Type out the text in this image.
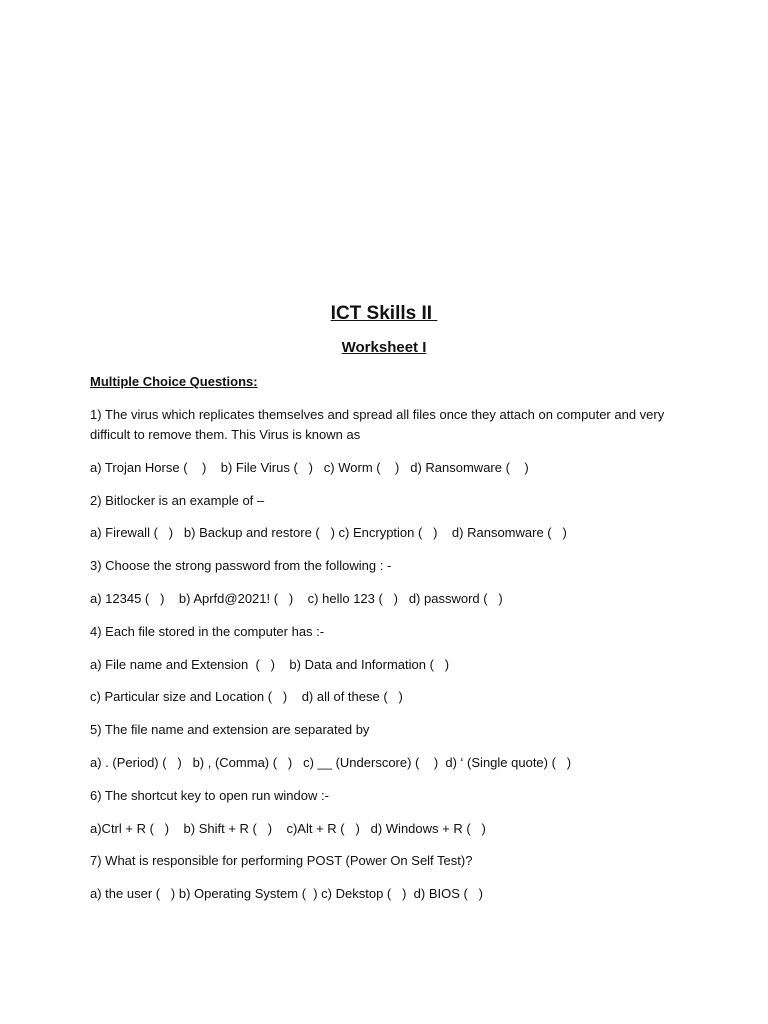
ICT Skills II
Worksheet I
Multiple Choice Questions:
1) The virus which replicates themselves and spread all files once they attach on computer and very difficult to remove them. This Virus is known as
a) Trojan Horse (    )    b) File Virus (   )   c) Worm (    )   d) Ransomware (    )
2) Bitlocker is an example of –
a) Firewall (   )   b) Backup and restore (   ) c) Encryption (   )    d) Ransomware (   )
3) Choose the strong password from the following : -
a) 12345 (   )    b) Aprfd@2021! (   )    c) hello 123 (   )   d) password (   )
4) Each file stored in the computer has :-
a) File name and Extension  (   )    b) Data and Information (   )
c) Particular size and Location (   )    d) all of these (   )
5) The file name and extension are separated by
a) . (Period) (   )   b) , (Comma) (   )   c) __ (Underscore) (    )  d) ‘ (Single quote) (   )
6) The shortcut key to open run window :-
a)Ctrl + R (   )    b) Shift + R (   )    c)Alt + R (   )   d) Windows + R (   )
7) What is responsible for performing POST (Power On Self Test)?
a) the user (   ) b) Operating System (  ) c) Dekstop (   )  d) BIOS (   )
